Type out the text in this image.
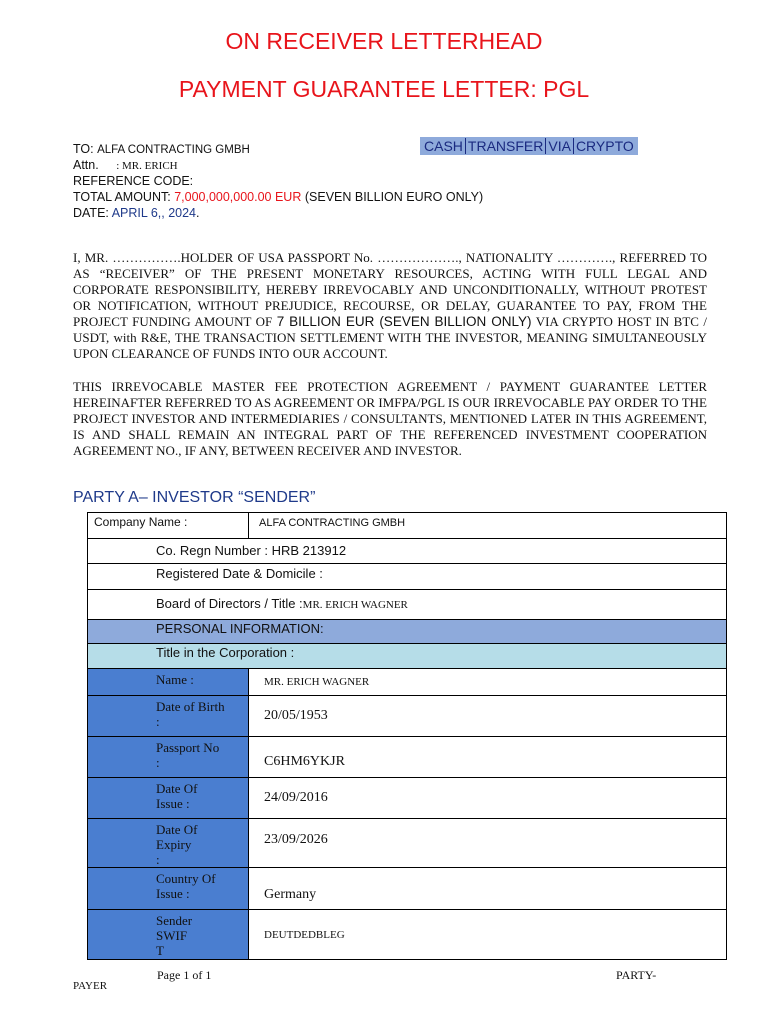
ON RECEIVER LETTERHEAD
PAYMENT GUARANTEE LETTER: PGL
CASH TRANSFER VIA CRYPTO
TO: ALFA CONTRACTING GMBH
Attn. : MR. ERICH
REFERENCE CODE:
TOTAL AMOUNT: 7,000,000,000.00 EUR (SEVEN BILLION EURO ONLY)
DATE: APRIL 6,, 2024.

I, MR. …………….HOLDER OF USA PASSPORT No. ………………., NATIONALITY …………., REFERRED TO AS “RECEIVER” OF THE PRESENT MONETARY RESOURCES, ACTING WITH FULL LEGAL AND CORPORATE RESPONSIBILITY, HEREBY IRREVOCABLY AND UNCONDITIONALLY, WITHOUT PROTEST OR NOTIFICATION, WITHOUT PREJUDICE, RECOURSE, OR DELAY, GUARANTEE TO PAY, FROM THE PROJECT FUNDING AMOUNT OF 7 BILLION EUR (SEVEN BILLION ONLY) VIA CRYPTO HOST IN BTC / USDT, with R&E, THE TRANSACTION SETTLEMENT WITH THE INVESTOR, MEANING SIMULTANEOUSLY UPON CLEARANCE OF FUNDS INTO OUR ACCOUNT.

THIS IRREVOCABLE MASTER FEE PROTECTION AGREEMENT / PAYMENT GUARANTEE LETTER HEREINAFTER REFERRED TO AS AGREEMENT OR IMFPA/PGL IS OUR IRREVOCABLE PAY ORDER TO THE PROJECT INVESTOR AND INTERMEDIARIES / CONSULTANTS, MENTIONED LATER IN THIS AGREEMENT, IS AND SHALL REMAIN AN INTEGRAL PART OF THE REFERENCED INVESTMENT COOPERATION AGREEMENT NO., IF ANY, BETWEEN RECEIVER AND INVESTOR.

PARTY A– INVESTOR “SENDER”
Company Name :	ALFA CONTRACTING GMBH
Co. Regn Number : HRB 213912	
Registered Date & Domicile :	
Board of Directors / Title :MR. ERICH WAGNER	
PERSONAL INFORMATION:	
Title in the Corporation :	
Name :	MR. ERICH WAGNER
Date of Birth
:	20/05/1953
Passport No
:	C6HM6YKJR
Date Of
Issue :	24/09/2016
Date Of
Expiry
:	23/09/2026
Country Of
Issue :	Germany
Sender
SWIF
T	DEUTDEDBLEG
Page 1 of 1	PARTY-
PAYER
